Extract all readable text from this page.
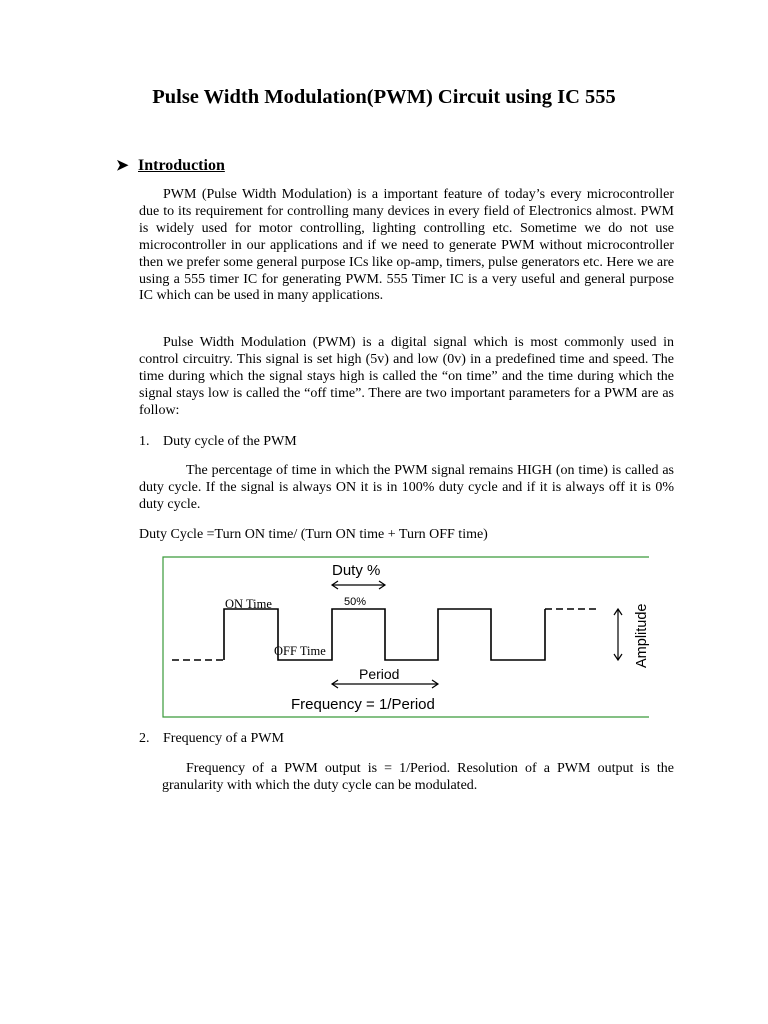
Pulse Width Modulation(PWM) Circuit using IC 555
➤ Introduction

PWM (Pulse Width Modulation) is a important feature of today’s every microcontroller due to its requirement for controlling many devices in every field of Electronics almost. PWM is widely used for motor controlling, lighting controlling etc. Sometime we do not use microcontroller in our applications and if we need to generate PWM without microcontroller then we prefer some general purpose ICs like op-amp, timers, pulse generators etc. Here we are using a 555 timer IC for generating PWM. 555 Timer IC is a very useful and general purpose IC which can be used in many applications.

Pulse Width Modulation (PWM) is a digital signal which is most commonly used in control circuitry. This signal is set high (5v) and low (0v) in a predefined time and speed. The time during which the signal stays high is called the “on time” and the time during which the signal stays low is called the “off time”. There are two important parameters for a PWM are as follow:

1. Duty cycle of the PWM

The percentage of time in which the PWM signal remains HIGH (on time) is called as duty cycle. If the signal is always ON it is in 100% duty cycle and if it is always off it is 0% duty cycle.

Duty Cycle =Turn ON time/ (Turn ON time + Turn OFF time)
Duty %
50%
ON Time
OFF Time
Period
Frequency = 1/Period
Amplitude
2. Frequency of a PWM

Frequency of a PWM output is = 1/Period. Resolution of a PWM output is the granularity with which the duty cycle can be modulated.
